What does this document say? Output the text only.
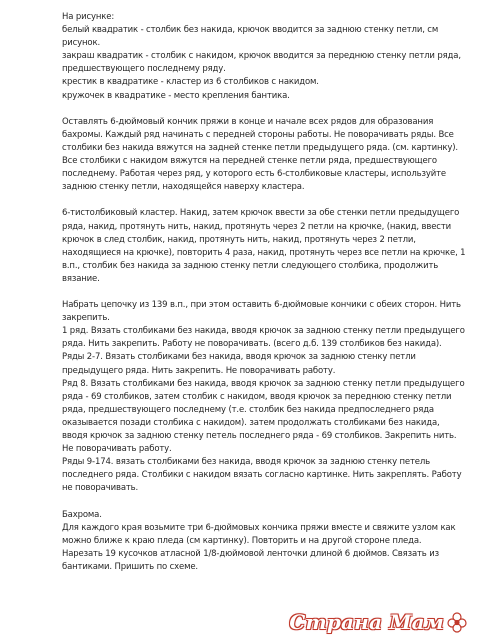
На рисунке:
белый квадратик - столбик без накида, крючок вводится за заднюю стенку петли, см
рисунок.
закраш квадратик - столбик с накидом, крючок вводится за переднюю стенку петли ряда,
предшествующего последнему ряду.
крестик в квадратике - кластер из 6 столбиков с накидом.
кружочек в квадратике - место крепления бантика.
Оставлять 6-дюймовый кончик пряжи в конце и начале всех рядов для образования
бахромы. Каждый ряд начинать с передней стороны работы. Не поворачивать ряды. Все
столбики без накида вяжутся на задней стенке петли предыдущего ряда. (см. картинку).
Все столбики с накидом вяжутся на передней стенке петли ряда, предшествующего
последнему. Работая через ряд, у которого есть 6-столбиковые кластеры, используйте
заднюю стенку петли, находящейся наверху кластера.
6-тистолбиковый кластер. Накид, затем крючок ввести за обе стенки петли предыдущего
ряда, накид, протянуть нить, накид, протянуть через 2 петли на крючке, (накид, ввести
крючок в след столбик, накид, протянуть нить, накид, протянуть через 2 петли,
находящиеся на крючке), повторить 4 раза, накид, протянуть через все петли на крючке, 1
в.п., столбик без накида за заднюю стенку петли следующего столбика, продолжить
вязание.
Набрать цепочку из 139 в.п., при этом оставить 6-дюймовые кончики с обеих сторон. Нить
закрепить.
1 ряд. Вязать столбиками без накида, вводя крючок за заднюю стенку петли предыдущего
ряда. Нить закрепить. Работу не поворачивать. (всего д.б. 139 столбиков без накида).
Ряды 2-7. Вязать столбиками без накида, вводя крючок за заднюю стенку петли
предыдущего ряда. Нить закрепить. Не поворачивать работу.
Ряд 8. Вязать столбиками без накида, вводя крючок за заднюю стенку петли предыдущего
ряда - 69 столбиков, затем столбик с накидом, вводя крючок за переднюю стенку петли
ряда, предшествующего последнему (т.е. столбик без накида предпоследнего ряда
оказывается позади столбика с накидом). затем продолжать столбиками без накида,
вводя крючок за заднюю стенку петель последнего ряда - 69 столбиков. Закрепить нить.
Не поворачивать работу.
Ряды 9-174. вязать столбиками без накида, вводя крючок за заднюю стенку петель
последнего ряда. Столбики с накидом вязать согласно картинке. Нить закреплять. Работу
не поворачивать.
Бахрома.
Для каждого края возьмите три 6-дюймовых кончика пряжи вместе и свяжите узлом как
можно ближе к краю пледа (см картинку). Повторить и на другой стороне пледа.
Нарезать 19 кусочков атласной 1/8-дюймовой ленточки длиной 6 дюймов. Связать из
бантиками. Пришить по схеме.
Страна Мам
